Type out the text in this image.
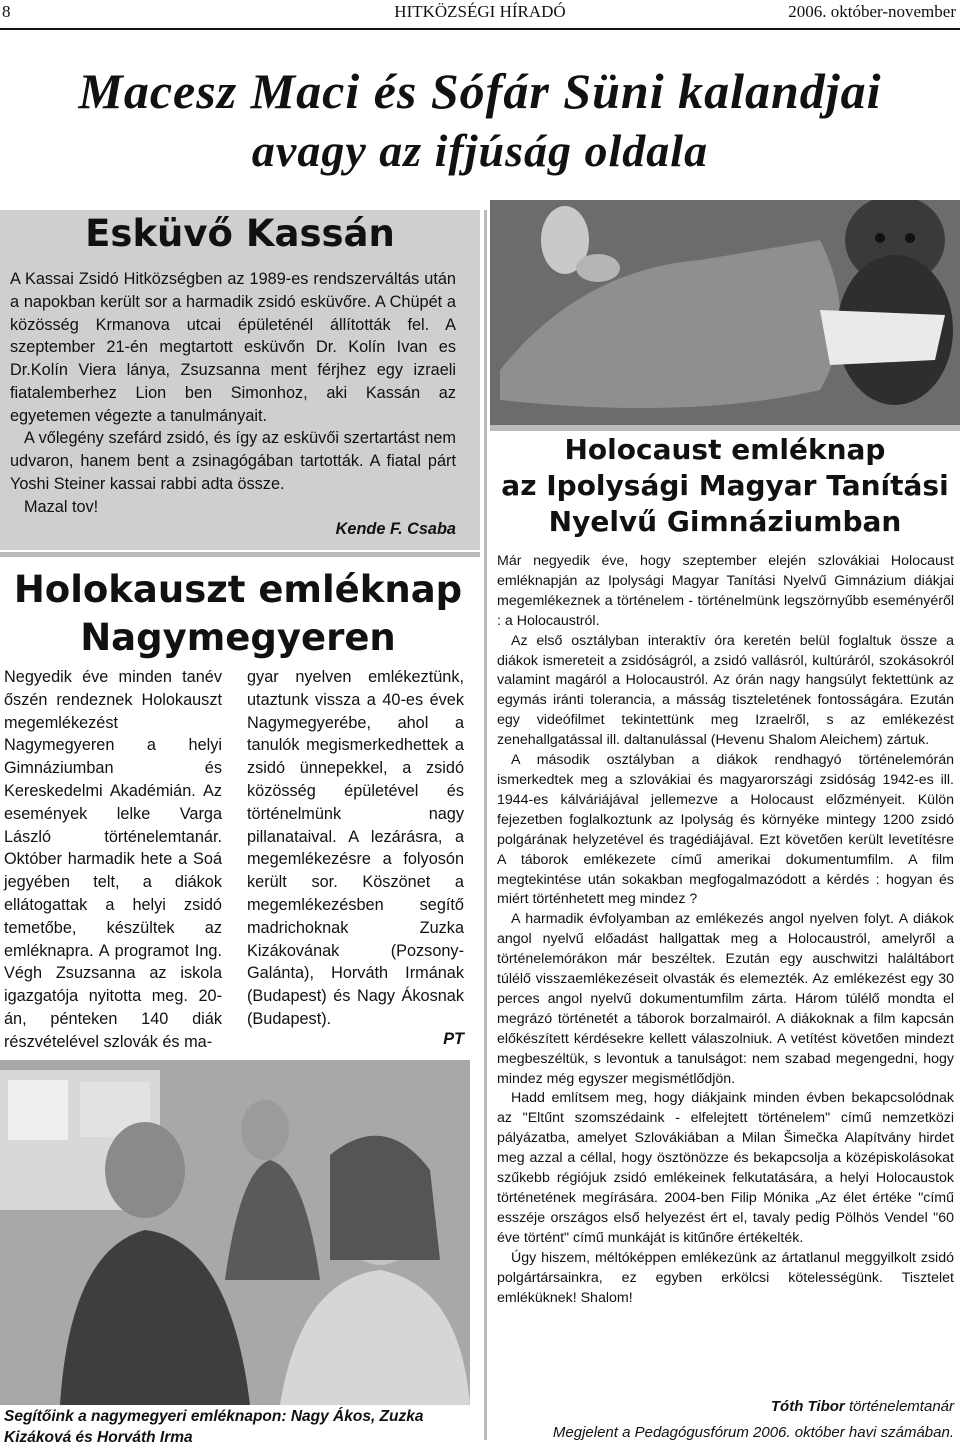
8	HITKÖZSÉGI HÍRADÓ	2006. október-november
Macesz Maci és Sófár Süni kalandjai
avagy az ifjúság oldala
Esküvő Kassán
A Kassai Zsidó Hitközségben az 1989-es rendszerváltás után a napokban került sor a harmadik zsidó esküvőre. A Chüpét a közösség Krmanova utcai épületénél állították fel. A szeptember 21-én megtartott esküvőn Dr. Kolín Ivan es Dr.Kolín Viera lánya, Zsuzsanna ment férjhez egy izraeli fiatalemberhez Lion ben Simonhoz, aki Kassán az egyetemen végezte a tanulmányait.
A vőlegény szefárd zsidó, és így az esküvői szertartást nem udvaron, hanem bent a zsinagógában tartották. A fiatal párt Yoshi Steiner kassai rabbi adta össze.
Mazal tov!
Kende F. Csaba
Holokauszt emléknap
Nagymegyeren
Negyedik éve minden tanév őszén rendeznek Holokauszt megemlékezést Nagymegyeren a helyi Gimnáziumban és Kereskedelmi Akadémián. Az események lelke Varga László történelemtanár. Október harmadik hete a Soá jegyében telt, a diákok ellátogattak a helyi zsidó temetőbe, készültek az emléknapra. A programot Ing. Végh Zsuzsanna az iskola igazgatója nyitotta meg. 20-án, pénteken 140 diák részvételével szlovák és ma-
gyar nyelven emlékeztünk, utaztunk vissza a 40-es évek Nagymegyerébe, ahol a tanulók megismerkedhettek a zsidó ünnepekkel, a zsidó közösség épületével és történelmünk nagy pillanataival. A lezárásra, a megemlékezésre a folyosón került sor. Köszönet a megemlékezésben segítő madrichoknak Zuzka Kizákovának (Pozsony-Galánta), Horváth Irmának (Budapest) és Nagy Ákosnak (Budapest).
PT
Segítőink a nagymegyeri emléknapon: Nagy Ákos, Zuzka Kizáková és Horváth Irma
Holocaust emléknap
az Ipolysági Magyar Tanítási
Nyelvű Gimnáziumban
Már negyedik éve, hogy szeptember elején szlovákiai Holocaust emléknapján az Ipolysági Magyar Tanítási Nyelvű Gimnázium diákjai megemlékeznek a történelem - történelmünk legszörnyűbb eseményéről : a Holocaustról.
Az első osztályban interaktív óra keretén belül foglaltuk össze a diákok ismereteit a zsidóságról, a zsidó vallásról, kultúráról, szokásokról valamint magáról a Holocaustról. Az órán nagy hangsúlyt fektettünk az egymás iránti tolerancia, a másság tiszteletének fontosságára. Ezután egy videófilmet tekintettünk meg Izraelről, s az emlékezést zenehallgatással ill. daltanulással (Hevenu Shalom Aleichem) zártuk.
A második osztályban a diákok rendhagyó történelemórán ismerkedtek meg a szlovákiai és magyarországi zsidóság 1942-es ill. 1944-es kálváriájával jellemezve a Holocaust előzményeit. Külön fejezetben foglalkoztunk az Ipolyság és környéke mintegy 1200 zsidó polgárának helyzetével és tragédiájával. Ezt követően került levetítésre A táborok emlékezete című amerikai dokumentumfilm. A film megtekintése után sokakban megfogalmazódott a kérdés : hogyan és miért történhetett meg mindez ?
A harmadik évfolyamban az emlékezés angol nyelven folyt. A diákok angol nyelvű előadást hallgattak meg a Holocaustról, amelyről a történelemórákon már beszéltek. Ezután egy auschwitzi haláltábort túlélő visszaemlékezéseit olvasták és elemezték. Az emlékezést egy 30 perces angol nyelvű dokumentumfilm zárta. Három túlélő mondta el megrázó történetét a táborok borzalmairól. A diákoknak a film kapcsán előkészített kérdésekre kellett válaszolniuk. A vetítést követően mindezt megbeszéltük, s levontuk a tanulságot: nem szabad megengedni, hogy mindez még egyszer megismétlődjön.
Hadd említsem meg, hogy diákjaink minden évben bekapcsolódnak az "Eltűnt szomszédaink - elfelejtett történelem" című nemzetközi pályázatba, amelyet Szlovákiában a Milan Šimečka Alapítvány hirdet meg azzal a céllal, hogy ösztönözze és bekapcsolja a középiskolásokat szűkebb régiójuk zsidó emlékeinek felkutatására, a helyi Holocaustok történetének megírására. 2004-ben Filip Mónika „Az élet értéke "című esszéje országos első helyezést ért el, tavaly pedig Pölhös Vendel "60 éve történt" című munkáját is kitűnőre értékelték.
Úgy hiszem, méltóképpen emlékezünk az ártatlanul meggyilkolt zsidó polgártársainkra, ez egyben erkölcsi kötelességünk. Tisztelet emléküknek! Shalom!
Tóth Tibor történelemtanár
Megjelent a Pedagógusfórum 2006. október havi számában.
